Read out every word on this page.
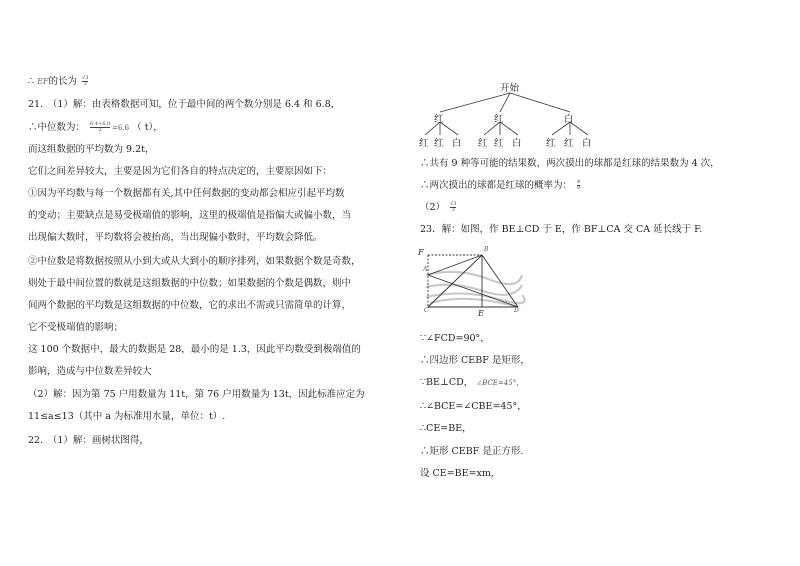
∴ EF的长为 $\frac{√3}{3}$
21.　（1）解：由表格数据可知，位于最中间的两个数分别是 6.4 和 6.8，
∴中位数为： $\frac{6.4+6.8}{2} =6.6$ （ t），
而这组数据的平均数为 9.2t，
它们之间差异较大，主要是因为它们各自的特点决定的，主要原因如下：
①因为平均数与每一个数据都有关,其中任何数据的变动都会相应引起平均数
的变动；主要缺点是易受极端值的影响，这里的极端值是指偏大或偏小数，当
出现偏大数时，平均数将会被抬高，当出现偏小数时，平均数会降低。
②中位数是将数据按照从小到大或从大到小的顺序排列，如果数据个数是奇数，
则处于最中间位置的数就是这组数据的中位数；如果数据的个数是偶数，则中
间两个数据的平均数是这组数据的中位数，它的求出不需或只需简单的计算，
它不受极端值的影响；
这 100 个数据中，最大的数据是 28，最小的是 1.3，因此平均数受到极端值的
影响，造成与中位数差异较大
（2）解：因为第 75 户用数量为 11t，第 76 户用数量为 13t，因此标准应定为
11≤a≤13（其中 a 为标准用水量，单位：t）.
22.　（1）解：画树状图得，
开始
红	红	白
红 红 白 红 红 白	红 红 白
∴共有 9 种等可能的结果数，两次摸出的球都是红球的结果数为 4 次，
∴两次摸出的球都是红球的概率为： $\frac{4}{9}$
$(2) \frac{√3}{3}$
23．解：如图，作 BE⊥CD 于 E，作 BF⊥CA 交 CA 延长线于 F.
F
A
B
C	E	D
∵∠FCD=90°，
∴四边形 CEBF 是矩形，
∵BE⊥CD， ∠BCE=45°，
∴∠BCE=∠CBE=45°，
∴CE=BE，
∴矩形 CEBF 是正方形.
设 CE=BE=xm,
